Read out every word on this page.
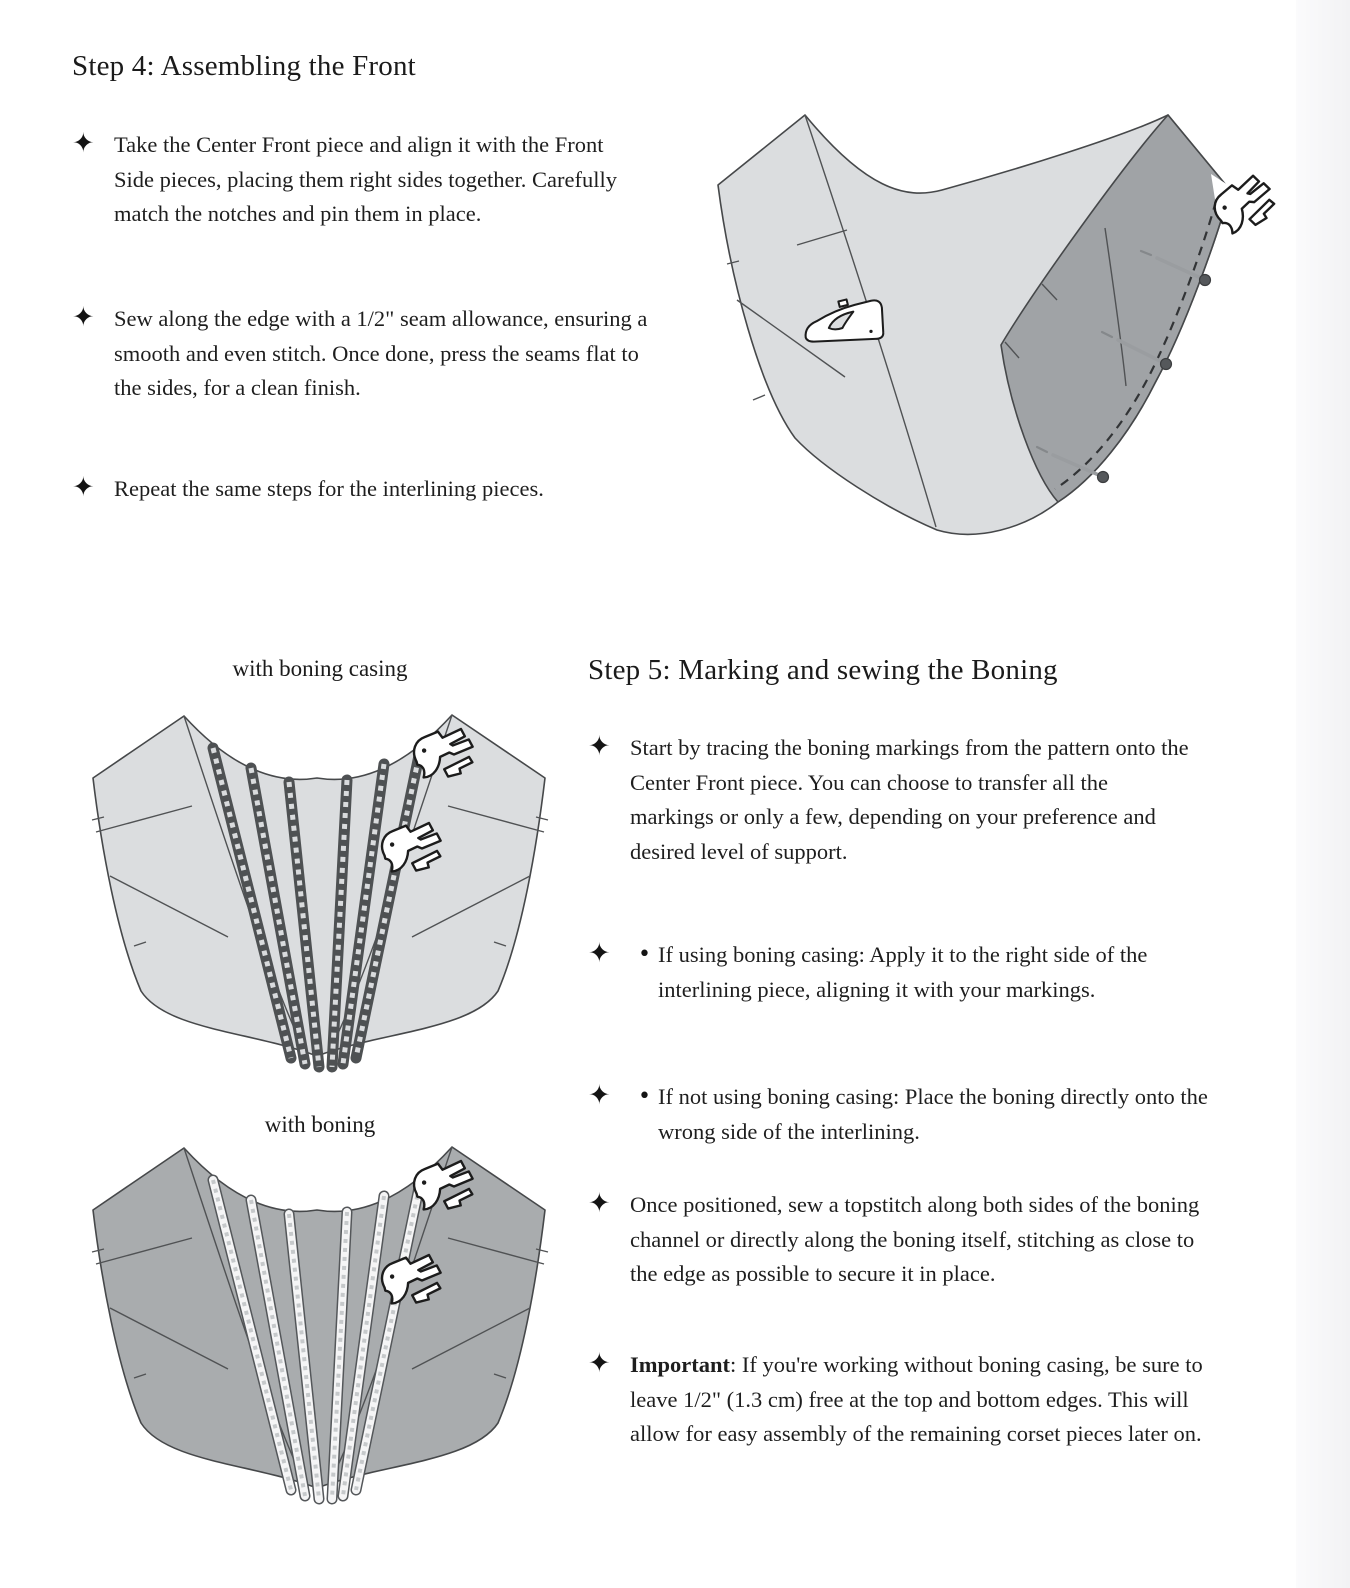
Step 4: Assembling the Front
✦ Take the Center Front piece and align it with the Front Side pieces, placing them right sides together. Carefully match the notches and pin them in place.
✦ Sew along the edge with a 1/2" seam allowance, ensuring a smooth and even stitch. Once done, press the seams flat to the sides, for a clean finish.
✦ Repeat the same steps for the interlining pieces.
with boning casing
with boning
Step 5: Marking and sewing the Boning
✦ Start by tracing the boning markings from the pattern onto the Center Front piece. You can choose to transfer all the markings or only a few, depending on your preference and desired level of support.
✦ • If using boning casing: Apply it to the right side of the interlining piece, aligning it with your markings.
✦ • If not using boning casing: Place the boning directly onto the wrong side of the interlining.
✦ Once positioned, sew a topstitch along both sides of the boning channel or directly along the boning itself, stitching as close to the edge as possible to secure it in place.
✦ Important: If you're working without boning casing, be sure to leave 1/2" (1.3 cm) free at the top and bottom edges. This will allow for easy assembly of the remaining corset pieces later on.
